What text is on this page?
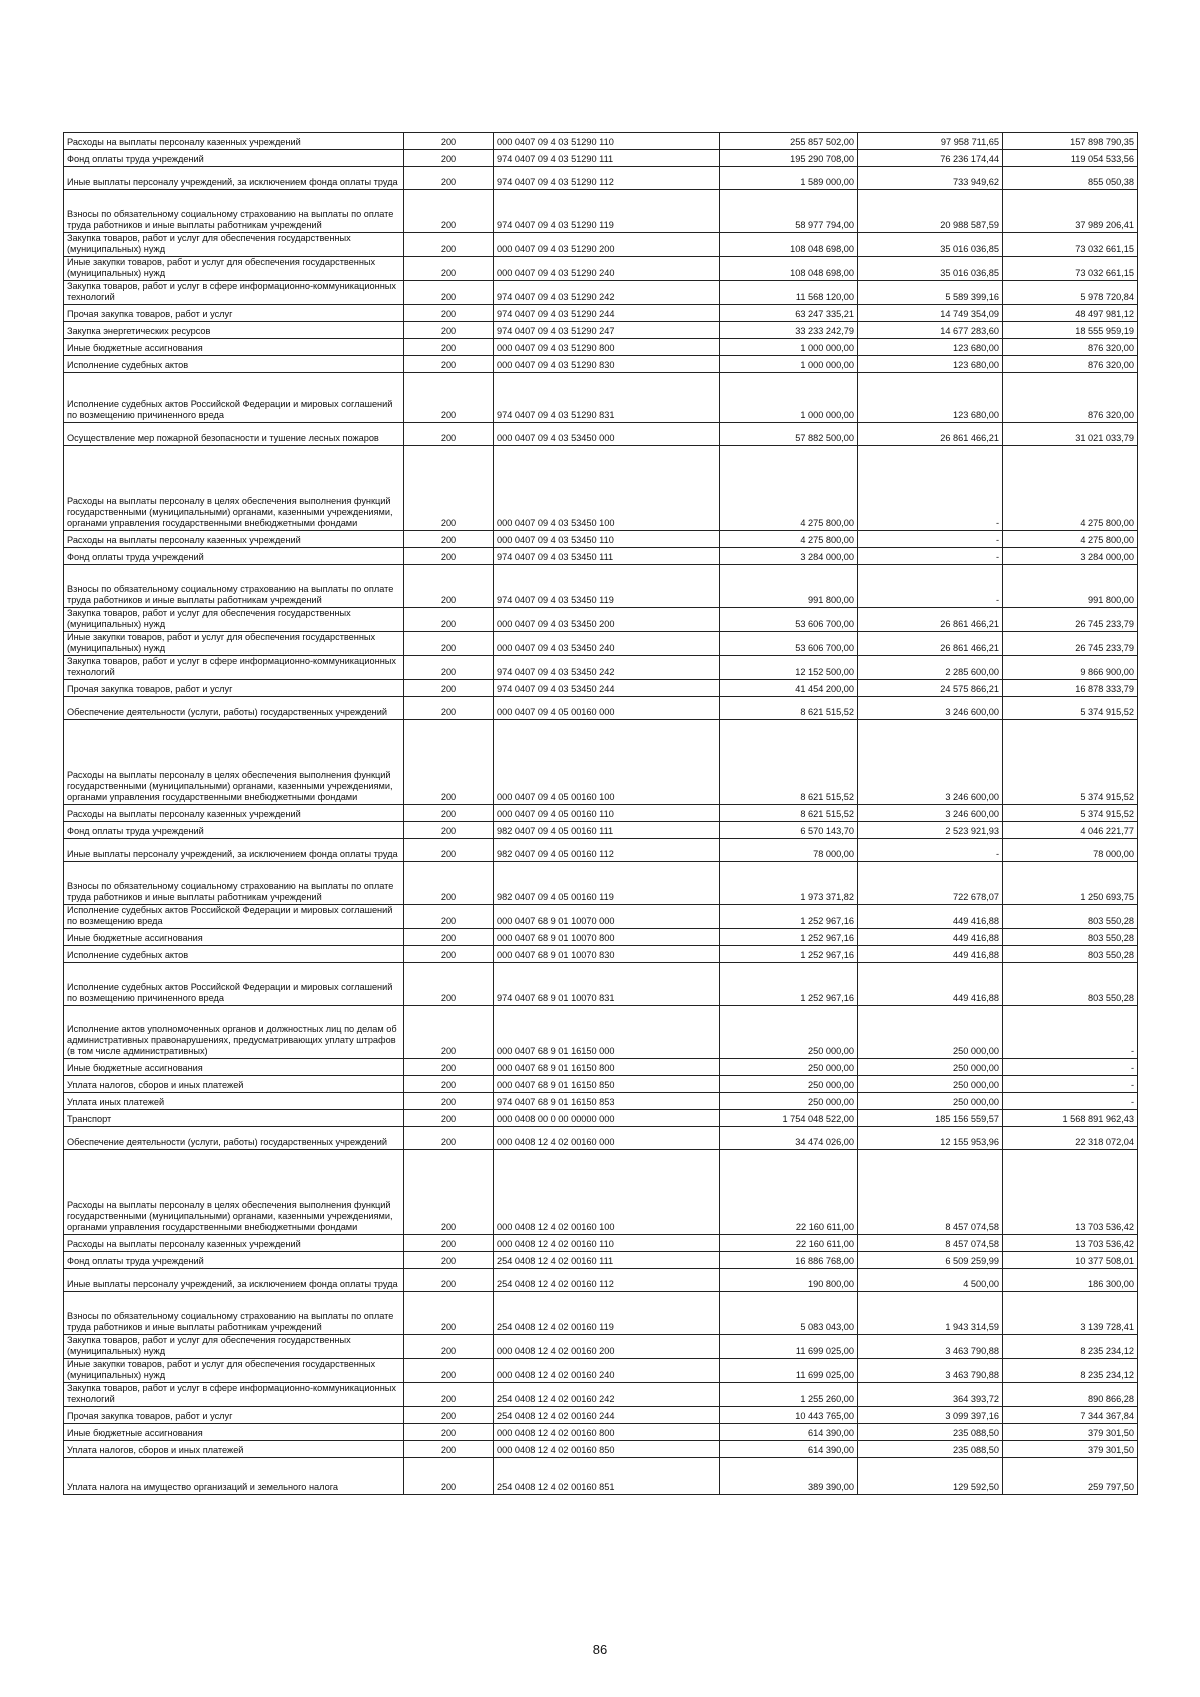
Расходы на выплаты персоналу казенных учреждений	200	000 0407 09 4 03 51290 110	255 857 502,00	97 958 711,65	157 898 790,35
Фонд оплаты труда учреждений	200	974 0407 09 4 03 51290 111	195 290 708,00	76 236 174,44	119 054 533,56
Иные выплаты персоналу учреждений, за исключением фонда оплаты труда	200	974 0407 09 4 03 51290 112	1 589 000,00	733 949,62	855 050,38
Взносы по обязательному социальному страхованию на выплаты по оплате труда работников и иные выплаты работникам учреждений	200	974 0407 09 4 03 51290 119	58 977 794,00	20 988 587,59	37 989 206,41
Закупка товаров, работ и услуг для обеспечения государственных (муниципальных) нужд	200	000 0407 09 4 03 51290 200	108 048 698,00	35 016 036,85	73 032 661,15
Иные закупки товаров, работ и услуг для обеспечения государственных (муниципальных) нужд	200	000 0407 09 4 03 51290 240	108 048 698,00	35 016 036,85	73 032 661,15
Закупка товаров, работ и услуг в сфере информационно-коммуникационных технологий	200	974 0407 09 4 03 51290 242	11 568 120,00	5 589 399,16	5 978 720,84
Прочая закупка товаров, работ и услуг	200	974 0407 09 4 03 51290 244	63 247 335,21	14 749 354,09	48 497 981,12
Закупка энергетических ресурсов	200	974 0407 09 4 03 51290 247	33 233 242,79	14 677 283,60	18 555 959,19
Иные бюджетные ассигнования	200	000 0407 09 4 03 51290 800	1 000 000,00	123 680,00	876 320,00
Исполнение судебных актов	200	000 0407 09 4 03 51290 830	1 000 000,00	123 680,00	876 320,00
Исполнение судебных актов Российской Федерации и мировых соглашений по возмещению причиненного вреда	200	974 0407 09 4 03 51290 831	1 000 000,00	123 680,00	876 320,00
Осуществление мер пожарной безопасности и тушение лесных пожаров	200	000 0407 09 4 03 53450 000	57 882 500,00	26 861 466,21	31 021 033,79
Расходы на выплаты персоналу в целях обеспечения выполнения функций государственными (муниципальными) органами, казенными учреждениями, органами управления государственными внебюджетными фондами	200	000 0407 09 4 03 53450 100	4 275 800,00	-	4 275 800,00
Расходы на выплаты персоналу казенных учреждений	200	000 0407 09 4 03 53450 110	4 275 800,00	-	4 275 800,00
Фонд оплаты труда учреждений	200	974 0407 09 4 03 53450 111	3 284 000,00	-	3 284 000,00
Взносы по обязательному социальному страхованию на выплаты по оплате труда работников и иные выплаты работникам учреждений	200	974 0407 09 4 03 53450 119	991 800,00	-	991 800,00
Закупка товаров, работ и услуг для обеспечения государственных (муниципальных) нужд	200	000 0407 09 4 03 53450 200	53 606 700,00	26 861 466,21	26 745 233,79
Иные закупки товаров, работ и услуг для обеспечения государственных (муниципальных) нужд	200	000 0407 09 4 03 53450 240	53 606 700,00	26 861 466,21	26 745 233,79
Закупка товаров, работ и услуг в сфере информационно-коммуникационных технологий	200	974 0407 09 4 03 53450 242	12 152 500,00	2 285 600,00	9 866 900,00
Прочая закупка товаров, работ и услуг	200	974 0407 09 4 03 53450 244	41 454 200,00	24 575 866,21	16 878 333,79
Обеспечение деятельности (услуги, работы) государственных учреждений	200	000 0407 09 4 05 00160 000	8 621 515,52	3 246 600,00	5 374 915,52
Расходы на выплаты персоналу в целях обеспечения выполнения функций государственными (муниципальными) органами, казенными учреждениями, органами управления государственными внебюджетными фондами	200	000 0407 09 4 05 00160 100	8 621 515,52	3 246 600,00	5 374 915,52
Расходы на выплаты персоналу казенных учреждений	200	000 0407 09 4 05 00160 110	8 621 515,52	3 246 600,00	5 374 915,52
Фонд оплаты труда учреждений	200	982 0407 09 4 05 00160 111	6 570 143,70	2 523 921,93	4 046 221,77
Иные выплаты персоналу учреждений, за исключением фонда оплаты труда	200	982 0407 09 4 05 00160 112	78 000,00	-	78 000,00
Взносы по обязательному социальному страхованию на выплаты по оплате труда работников и иные выплаты работникам учреждений	200	982 0407 09 4 05 00160 119	1 973 371,82	722 678,07	1 250 693,75
Исполнение судебных актов Российской Федерации и мировых соглашений по возмещению вреда	200	000 0407 68 9 01 10070 000	1 252 967,16	449 416,88	803 550,28
Иные бюджетные ассигнования	200	000 0407 68 9 01 10070 800	1 252 967,16	449 416,88	803 550,28
Исполнение судебных актов	200	000 0407 68 9 01 10070 830	1 252 967,16	449 416,88	803 550,28
Исполнение судебных актов Российской Федерации и мировых соглашений по возмещению причиненного вреда	200	974 0407 68 9 01 10070 831	1 252 967,16	449 416,88	803 550,28
Исполнение актов уполномоченных органов и должностных лиц по делам об административных правонарушениях, предусматривающих уплату штрафов (в том числе административных)	200	000 0407 68 9 01 16150 000	250 000,00	250 000,00	-
Иные бюджетные ассигнования	200	000 0407 68 9 01 16150 800	250 000,00	250 000,00	-
Уплата налогов, сборов и иных платежей	200	000 0407 68 9 01 16150 850	250 000,00	250 000,00	-
Уплата иных платежей	200	974 0407 68 9 01 16150 853	250 000,00	250 000,00	-
Транспорт	200	000 0408 00 0 00 00000 000	1 754 048 522,00	185 156 559,57	1 568 891 962,43
Обеспечение деятельности (услуги, работы) государственных учреждений	200	000 0408 12 4 02 00160 000	34 474 026,00	12 155 953,96	22 318 072,04
Расходы на выплаты персоналу в целях обеспечения выполнения функций государственными (муниципальными) органами, казенными учреждениями, органами управления государственными внебюджетными фондами	200	000 0408 12 4 02 00160 100	22 160 611,00	8 457 074,58	13 703 536,42
Расходы на выплаты персоналу казенных учреждений	200	000 0408 12 4 02 00160 110	22 160 611,00	8 457 074,58	13 703 536,42
Фонд оплаты труда учреждений	200	254 0408 12 4 02 00160 111	16 886 768,00	6 509 259,99	10 377 508,01
Иные выплаты персоналу учреждений, за исключением фонда оплаты труда	200	254 0408 12 4 02 00160 112	190 800,00	4 500,00	186 300,00
Взносы по обязательному социальному страхованию на выплаты по оплате труда работников и иные выплаты работникам учреждений	200	254 0408 12 4 02 00160 119	5 083 043,00	1 943 314,59	3 139 728,41
Закупка товаров, работ и услуг для обеспечения государственных (муниципальных) нужд	200	000 0408 12 4 02 00160 200	11 699 025,00	3 463 790,88	8 235 234,12
Иные закупки товаров, работ и услуг для обеспечения государственных (муниципальных) нужд	200	000 0408 12 4 02 00160 240	11 699 025,00	3 463 790,88	8 235 234,12
Закупка товаров, работ и услуг в сфере информационно-коммуникационных технологий	200	254 0408 12 4 02 00160 242	1 255 260,00	364 393,72	890 866,28
Прочая закупка товаров, работ и услуг	200	254 0408 12 4 02 00160 244	10 443 765,00	3 099 397,16	7 344 367,84
Иные бюджетные ассигнования	200	000 0408 12 4 02 00160 800	614 390,00	235 088,50	379 301,50
Уплата налогов, сборов и иных платежей	200	000 0408 12 4 02 00160 850	614 390,00	235 088,50	379 301,50
Уплата налога на имущество организаций и земельного налога	200	254 0408 12 4 02 00160 851	389 390,00	129 592,50	259 797,50
86
